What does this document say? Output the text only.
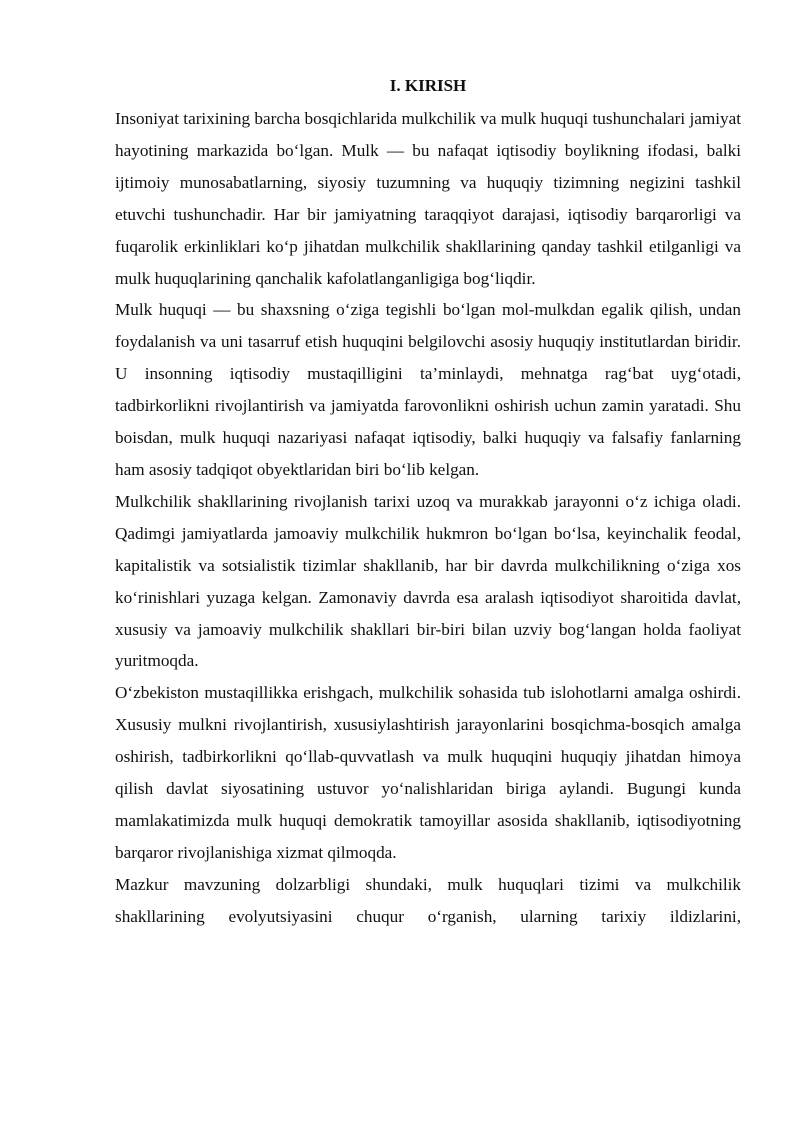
I. KIRISH

Insoniyat tarixining barcha bosqichlarida mulkchilik va mulk huquqi tushunchalari jamiyat hayotining markazida bo‘lgan. Mulk — bu nafaqat iqtisodiy boylikning ifodasi, balki ijtimoiy munosabatlarning, siyosiy tuzumning va huquqiy tizimning negizini tashkil etuvchi tushunchadir. Har bir jamiyatning taraqqiyot darajasi, iqtisodiy barqarorligi va fuqarolik erkinliklari ko‘p jihatdan mulkchilik shakllarining qanday tashkil etilganligi va mulk huquqlarining qanchalik kafolatlanganligiga bog‘liqdir.

Mulk huquqi — bu shaxsning o‘ziga tegishli bo‘lgan mol-mulkdan egalik qilish, undan foydalanish va uni tasarruf etish huquqini belgilovchi asosiy huquqiy institutlardan biridir. U insonning iqtisodiy mustaqilligini ta’minlaydi, mehnatga rag‘bat uyg‘otadi, tadbirkorlikni rivojlantirish va jamiyatda farovonlikni oshirish uchun zamin yaratadi. Shu boisdan, mulk huquqi nazariyasi nafaqat iqtisodiy, balki huquqiy va falsafiy fanlarning ham asosiy tadqiqot obyektlaridan biri bo‘lib kelgan.

Mulkchilik shakllarining rivojlanish tarixi uzoq va murakkab jarayonni o‘z ichiga oladi. Qadimgi jamiyatlarda jamoaviy mulkchilik hukmron bo‘lgan bo‘lsa, keyinchalik feodal, kapitalistik va sotsialistik tizimlar shakllanib, har bir davrda mulkchilikning o‘ziga xos ko‘rinishlari yuzaga kelgan. Zamonaviy davrda esa aralash iqtisodiyot sharoitida davlat, xususiy va jamoaviy mulkchilik shakllari bir-biri bilan uzviy bog‘langan holda faoliyat yuritmoqda.

O‘zbekiston mustaqillikka erishgach, mulkchilik sohasida tub islohotlarni amalga oshirdi. Xususiy mulkni rivojlantirish, xususiylashtirish jarayonlarini bosqichma-bosqich amalga oshirish, tadbirkorlikni qo‘llab-quvvatlash va mulk huquqini huquqiy jihatdan himoya qilish davlat siyosatining ustuvor yo‘nalishlaridan biriga aylandi. Bugungi kunda mamlakatimizda mulk huquqi demokratik tamoyillar asosida shakllanib, iqtisodiyotning barqaror rivojlanishiga xizmat qilmoqda.

Mazkur mavzuning dolzarbligi shundaki, mulk huquqlari tizimi va mulkchilik shakllarining evolyutsiyasini chuqur o‘rganish, ularning tarixiy ildizlarini,
